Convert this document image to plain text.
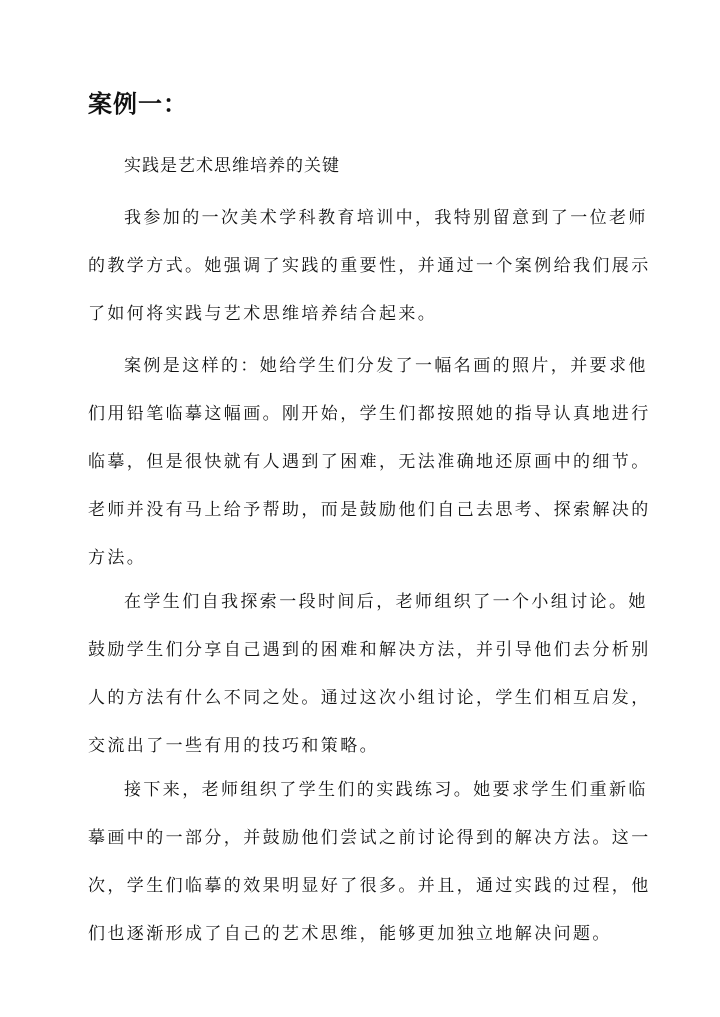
案例一：

实践是艺术思维培养的关键

我参加的一次美术学科教育培训中，我特别留意到了一位老师
的教学方式。她强调了实践的重要性，并通过一个案例给我们展示
了如何将实践与艺术思维培养结合起来。
案例是这样的：她给学生们分发了一幅名画的照片，并要求他
们用铅笔临摹这幅画。刚开始，学生们都按照她的指导认真地进行
临摹，但是很快就有人遇到了困难，无法准确地还原画中的细节。
老师并没有马上给予帮助，而是鼓励他们自己去思考、探索解决的
方法。
在学生们自我探索一段时间后，老师组织了一个小组讨论。她
鼓励学生们分享自己遇到的困难和解决方法，并引导他们去分析别
人的方法有什么不同之处。通过这次小组讨论，学生们相互启发，
交流出了一些有用的技巧和策略。
接下来，老师组织了学生们的实践练习。她要求学生们重新临
摹画中的一部分，并鼓励他们尝试之前讨论得到的解决方法。这一
次，学生们临摹的效果明显好了很多。并且，通过实践的过程，他
们也逐渐形成了自己的艺术思维，能够更加独立地解决问题。
